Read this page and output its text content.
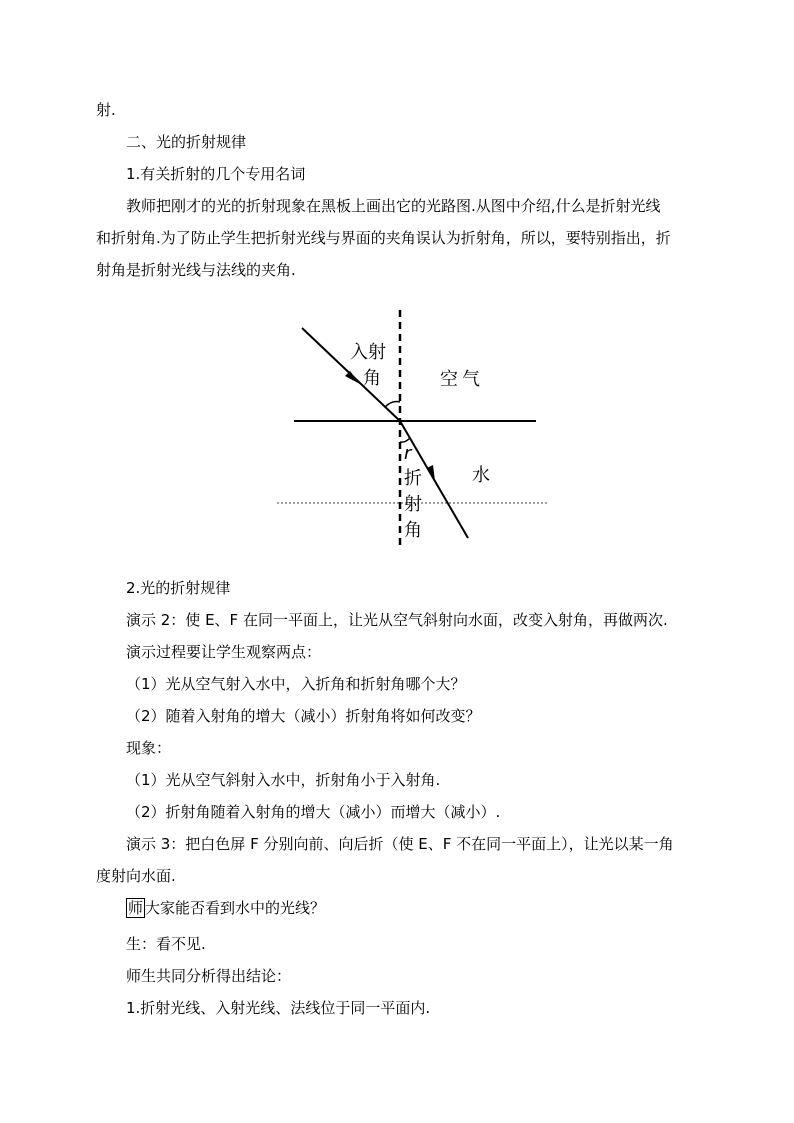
射.
二、光的折射规律
1.有关折射的几个专用名词
教师把刚才的光的折射现象在黑板上画出它的光路图.从图中介绍,什么是折射光线
和折射角.为了防止学生把折射光线与界面的夹角误认为折射角，所以，要特别指出，折
射角是折射光线与法线的夹角.
入射
角	空气
水
r
折
射
角
2.光的折射规律
演示 2：使 E、F 在同一平面上，让光从空气斜射向水面，改变入射角，再做两次.
演示过程要让学生观察两点：
（1）光从空气射入水中，入折角和折射角哪个大？
（2）随着入射角的增大（减小）折射角将如何改变？
现象：
（1）光从空气斜射入水中，折射角小于入射角.
（2）折射角随着入射角的增大（减小）而增大（减小）.
演示 3：把白色屏 F 分别向前、向后折（使 E、F 不在同一平面上），让光以某一角
度射向水面.
师 大家能否看到水中的光线？
生：看不见.
师生共同分析得出结论：
1.折射光线、入射光线、法线位于同一平面内.
